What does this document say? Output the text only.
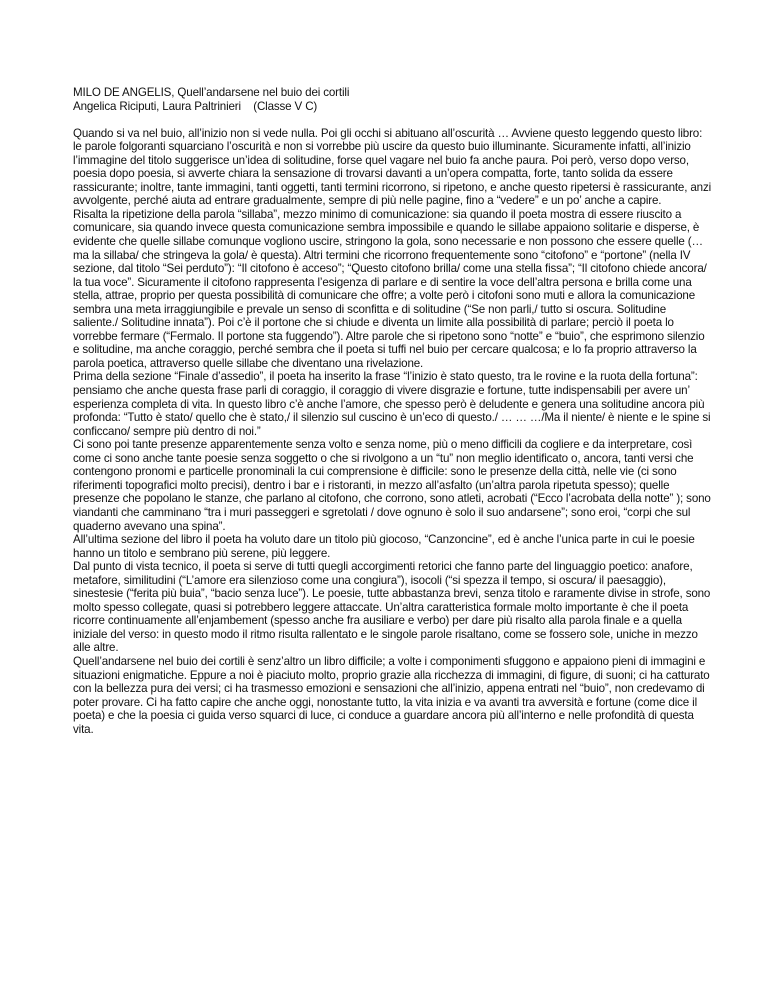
MILO DE ANGELIS, Quell’andarsene nel buio dei cortili

Angelica Riciputi, Laura Paltrinieri    (Classe V C)

Quando si va nel buio, all’inizio non si vede nulla. Poi gli occhi si abituano all’oscurità … Avviene questo leggendo questo libro: le parole folgoranti squarciano l’oscurità e non si vorrebbe più uscire da questo buio illuminante. Sicuramente infatti, all’inizio l’immagine del titolo suggerisce un’idea di solitudine, forse quel vagare nel buio fa anche paura. Poi però, verso dopo verso, poesia dopo poesia, si avverte chiara la sensazione di trovarsi davanti a un’opera compatta, forte, tanto solida da essere rassicurante; inoltre, tante immagini, tanti oggetti, tanti termini ricorrono, si ripetono, e anche questo ripetersi è rassicurante, anzi avvolgente, perché aiuta ad entrare gradualmente, sempre di più nelle pagine, fino a “vedere” e un po’ anche a capire.

Risalta la ripetizione della parola “sillaba”, mezzo minimo di comunicazione: sia quando il poeta mostra di essere riuscito a comunicare, sia quando invece questa comunicazione sembra impossibile e quando le sillabe appaiono solitarie e disperse, è evidente che quelle sillabe comunque vogliono uscire, stringono la gola, sono necessarie e non possono che essere quelle (…ma la sillaba/ che stringeva la gola/ è questa). Altri termini che ricorrono frequentemente sono “citofono” e “portone” (nella IV sezione, dal titolo “Sei perduto”): “Il citofono è acceso”; “Questo citofono brilla/ come una stella fissa”; “Il citofono chiede ancora/ la tua voce”. Sicuramente il citofono rappresenta l’esigenza di parlare e di sentire la voce dell’altra persona e brilla come una stella, attrae, proprio per questa possibilità di comunicare che offre; a volte però i citofoni sono muti e allora la comunicazione sembra una meta irraggiungibile e prevale un senso di sconfitta e di solitudine (“Se non parli,/ tutto si oscura. Solitudine saliente./ Solitudine innata”). Poi c’è il portone che si chiude e diventa un limite alla possibilità di parlare; perciò il poeta lo vorrebbe fermare (“Fermalo. Il portone sta fuggendo”). Altre parole che si ripetono sono “notte” e “buio”, che esprimono silenzio e solitudine, ma anche coraggio, perché sembra che il poeta si tuffi nel buio per cercare qualcosa; e lo fa proprio attraverso la parola poetica, attraverso quelle sillabe che diventano una rivelazione.

Prima della sezione “Finale d’assedio”, il poeta ha inserito la frase “l’inizio è stato questo, tra le rovine e la ruota della fortuna”: pensiamo che anche questa frase parli di coraggio, il coraggio di vivere disgrazie e fortune, tutte indispensabili per avere un’ esperienza completa di vita. In questo libro c’è anche l’amore, che spesso però è deludente e genera una solitudine ancora più profonda: “Tutto è stato/ quello che è stato,/ il silenzio sul cuscino è un’eco di questo./ … … …/Ma il niente/ è niente e le spine si conficcano/ sempre più dentro di noi.”

Ci sono poi tante presenze apparentemente senza volto e senza nome, più o meno difficili da cogliere e da interpretare, così come ci sono anche tante poesie senza soggetto o che si rivolgono a un “tu” non meglio identificato o, ancora, tanti versi che contengono pronomi e particelle pronominali la cui comprensione è difficile: sono le presenze della città, nelle vie (ci sono riferimenti topografici molto precisi), dentro i bar e i ristoranti, in mezzo all’asfalto (un’altra parola ripetuta spesso); quelle presenze che popolano le stanze, che parlano al citofono, che corrono, sono atleti, acrobati (“Ecco l’acrobata della notte” ); sono viandanti che camminano “tra i muri passeggeri e sgretolati / dove ognuno è solo il suo andarsene”; sono eroi, “corpi che sul quaderno avevano una spina”.

All’ultima sezione del libro il poeta ha voluto dare un titolo più giocoso, “Canzoncine”, ed è anche l’unica parte in cui le poesie hanno un titolo e sembrano più serene, più leggere.

Dal punto di vista tecnico, il poeta si serve di tutti quegli accorgimenti retorici che fanno parte del linguaggio poetico: anafore, metafore, similitudini (“L’amore era silenzioso come una congiura”), isocoli (“si spezza il tempo, si oscura/ il paesaggio), sinestesie (“ferita più buia”, “bacio senza luce”). Le poesie, tutte abbastanza brevi, senza titolo e raramente divise in strofe, sono molto spesso collegate, quasi si potrebbero leggere attaccate. Un’altra caratteristica formale molto importante è che il poeta ricorre continuamente all’enjambement (spesso anche fra ausiliare e verbo) per dare più risalto alla parola finale e a quella iniziale del verso: in questo modo il ritmo risulta rallentato e le singole parole risaltano, come se fossero sole, uniche in mezzo alle altre.

Quell’andarsene nel buio dei cortili è senz’altro un libro difficile; a volte i componimenti sfuggono e appaiono pieni di immagini e situazioni enigmatiche. Eppure a noi è piaciuto molto, proprio grazie alla ricchezza di immagini, di figure, di suoni; ci ha catturato con la bellezza pura dei versi; ci ha trasmesso emozioni e sensazioni che all’inizio, appena entrati nel “buio”, non credevamo di poter provare. Ci ha fatto capire che anche oggi, nonostante tutto, la vita inizia e va avanti tra avversità e fortune (come dice il poeta) e che la poesia ci guida verso squarci di luce, ci conduce a guardare ancora più all’interno e nelle profondità di questa vita.
